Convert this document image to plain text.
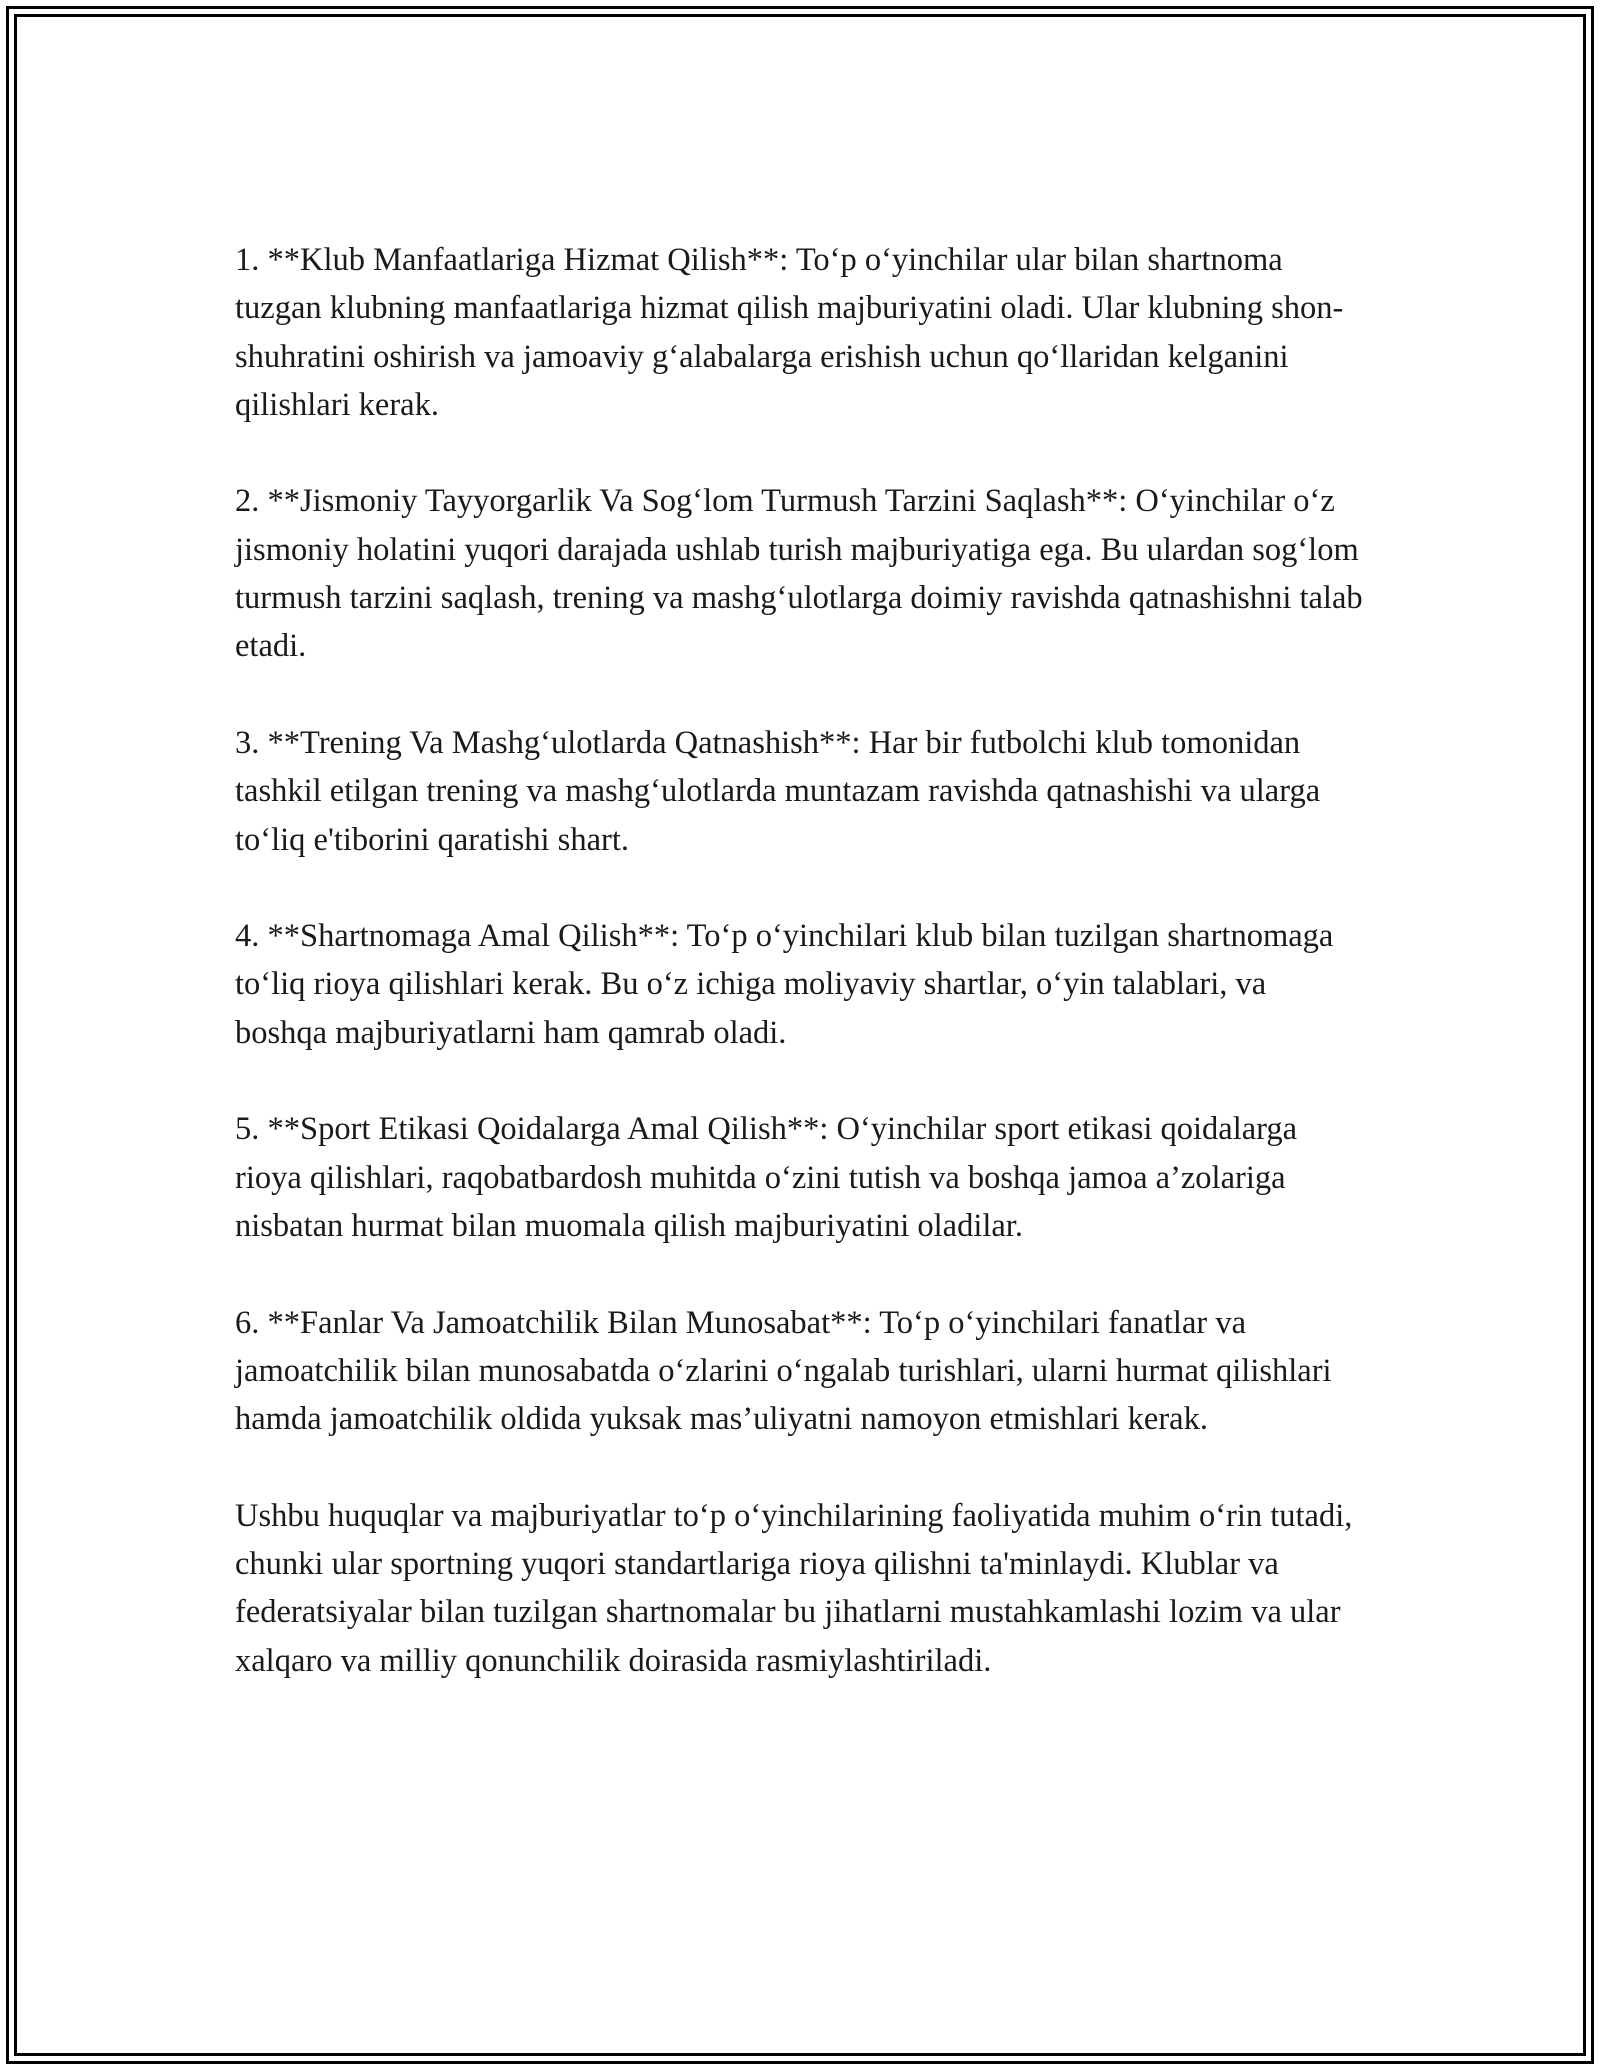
1. **Klub Manfaatlariga Hizmat Qilish**: To‘p o‘yinchilar ular bilan shartnoma tuzgan klubning manfaatlariga hizmat qilish majburiyatini oladi. Ular klubning shon-shuhratini oshirish va jamoaviy g‘alabalarga erishish uchun qo‘llaridan kelganini qilishlari kerak.

2. **Jismoniy Tayyorgarlik Va Sog‘lom Turmush Tarzini Saqlash**: O‘yinchilar o‘z jismoniy holatini yuqori darajada ushlab turish majburiyatiga ega. Bu ulardan sog‘lom turmush tarzini saqlash, trening va mashg‘ulotlarga doimiy ravishda qatnashishni talab etadi.

3. **Trening Va Mashg‘ulotlarda Qatnashish**: Har bir futbolchi klub tomonidan tashkil etilgan trening va mashg‘ulotlarda muntazam ravishda qatnashishi va ularga to‘liq e'tiborini qaratishi shart.

4. **Shartnomaga Amal Qilish**: To‘p o‘yinchilari klub bilan tuzilgan shartnomaga to‘liq rioya qilishlari kerak. Bu o‘z ichiga moliyaviy shartlar, o‘yin talablari, va boshqa majburiyatlarni ham qamrab oladi.

5. **Sport Etikasi Qoidalarga Amal Qilish**: O‘yinchilar sport etikasi qoidalarga rioya qilishlari, raqobatbardosh muhitda o‘zini tutish va boshqa jamoa a’zolariga nisbatan hurmat bilan muomala qilish majburiyatini oladilar.

6. **Fanlar Va Jamoatchilik Bilan Munosabat**: To‘p o‘yinchilari fanatlar va jamoatchilik bilan munosabatda o‘zlarini o‘ngalab turishlari, ularni hurmat qilishlari hamda jamoatchilik oldida yuksak mas’uliyatni namoyon etmishlari kerak.

Ushbu huquqlar va majburiyatlar to‘p o‘yinchilarining faoliyatida muhim o‘rin tutadi, chunki ular sportning yuqori standartlariga rioya qilishni ta'minlaydi. Klublar va federatsiyalar bilan tuzilgan shartnomalar bu jihatlarni mustahkamlashi lozim va ular xalqaro va milliy qonunchilik doirasida rasmiylashtiriladi.
